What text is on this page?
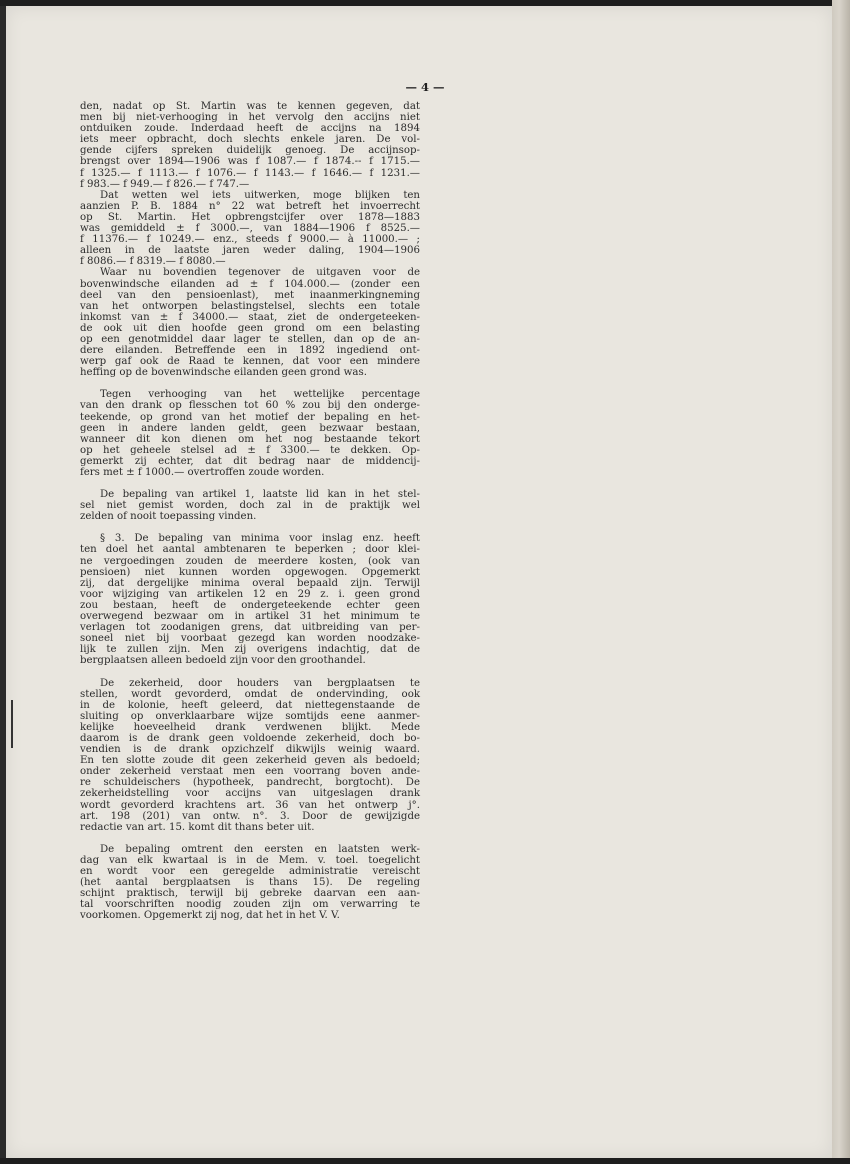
— 4 —
den, nadat op St. Martin was te kennen gegeven, dat
men bij niet-verhooging in het vervolg den accijns niet
ontduiken zoude. Inderdaad heeft de accijns na 1894
iets meer opbracht, doch slechts enkele jaren. De vol-
gende cijfers spreken duidelijk genoeg. De accijnsop-
brengst over 1894—1906 was f 1087.— f 1874.-- f 1715.—
f 1325.— f 1113.— f 1076.— f 1143.— f 1646.— f 1231.—
f 983.— f 949.— f 826.— f 747.—
Dat wetten wel iets uitwerken, moge blijken ten
aanzien P. B. 1884 n° 22 wat betreft het invoerrecht
op St. Martin. Het opbrengstcijfer over 1878—1883
was gemiddeld ± f 3000.—, van 1884—1906 f 8525.—
f 11376.— f 10249.— enz., steeds f 9000.— à 11000.— ;
alleen in de laatste jaren weder daling, 1904—1906
f 8086.— f 8319.— f 8080.—
Waar nu bovendien tegenover de uitgaven voor de
bovenwindsche eilanden ad ± f 104.000.— (zonder een
deel van den pensioenlast), met inaanmerkingneming
van het ontworpen belastingstelsel, slechts een totale
inkomst van ± f 34000.— staat, ziet de ondergeteeken-
de ook uit dien hoofde geen grond om een belasting
op een genotmiddel daar lager te stellen, dan op de an-
dere eilanden. Betreffende een in 1892 ingediend ont-
werp gaf ook de Raad te kennen, dat voor een mindere
heffing op de bovenwindsche eilanden geen grond was.
Tegen verhooging van het wettelijke percentage
van den drank op flesschen tot 60 % zou bij den onderge-
teekende, op grond van het motief der bepaling en het-
geen in andere landen geldt, geen bezwaar bestaan,
wanneer dit kon dienen om het nog bestaande tekort
op het geheele stelsel ad ± f 3300.— te dekken. Op-
gemerkt zij echter, dat dit bedrag naar de middencij-
fers met ± f 1000.— overtroffen zoude worden.
De bepaling van artikel 1, laatste lid kan in het stel-
sel niet gemist worden, doch zal in de praktijk wel
zelden of nooit toepassing vinden.
§ 3. De bepaling van minima voor inslag enz. heeft
ten doel het aantal ambtenaren te beperken ; door klei-
ne vergoedingen zouden de meerdere kosten, (ook van
pensioen) niet kunnen worden opgewogen. Opgemerkt
zij, dat dergelijke minima overal bepaald zijn. Terwijl
voor wijziging van artikelen 12 en 29 z. i. geen grond
zou bestaan, heeft de ondergeteekende echter geen
overwegend bezwaar om in artikel 31 het minimum te
verlagen tot zoodanigen grens, dat uitbreiding van per-
soneel niet bij voorbaat gezegd kan worden noodzake-
lijk te zullen zijn. Men zij overigens indachtig, dat de
bergplaatsen alleen bedoeld zijn voor den groothandel.
De zekerheid, door houders van bergplaatsen te
stellen, wordt gevorderd, omdat de ondervinding, ook
in de kolonie, heeft geleerd, dat niettegenstaande de
sluiting op onverklaarbare wijze somtijds eene aanmer-
kelijke hoeveelheid drank verdwenen blijkt. Mede
daarom is de drank geen voldoende zekerheid, doch bo-
vendien is de drank opzichzelf dikwijls weinig waard.
En ten slotte zoude dit geen zekerheid geven als bedoeld;
onder zekerheid verstaat men een voorrang boven ande-
re schuldeischers (hypotheek, pandrecht, borgtocht). De
zekerheidstelling voor accijns van uitgeslagen drank
wordt gevorderd krachtens art. 36 van het ontwerp j°.
art. 198 (201) van ontw. n°. 3. Door de gewijzigde
redactie van art. 15. komt dit thans beter uit.
De bepaling omtrent den eersten en laatsten werk-
dag van elk kwartaal is in de Mem. v. toel. toegelicht
en wordt voor een geregelde administratie vereischt
(het aantal bergplaatsen is thans 15). De regeling
schijnt praktisch, terwijl bij gebreke daarvan een aan-
tal voorschriften noodig zouden zijn om verwarring te
voorkomen. Opgemerkt zij nog, dat het in het V. V.
